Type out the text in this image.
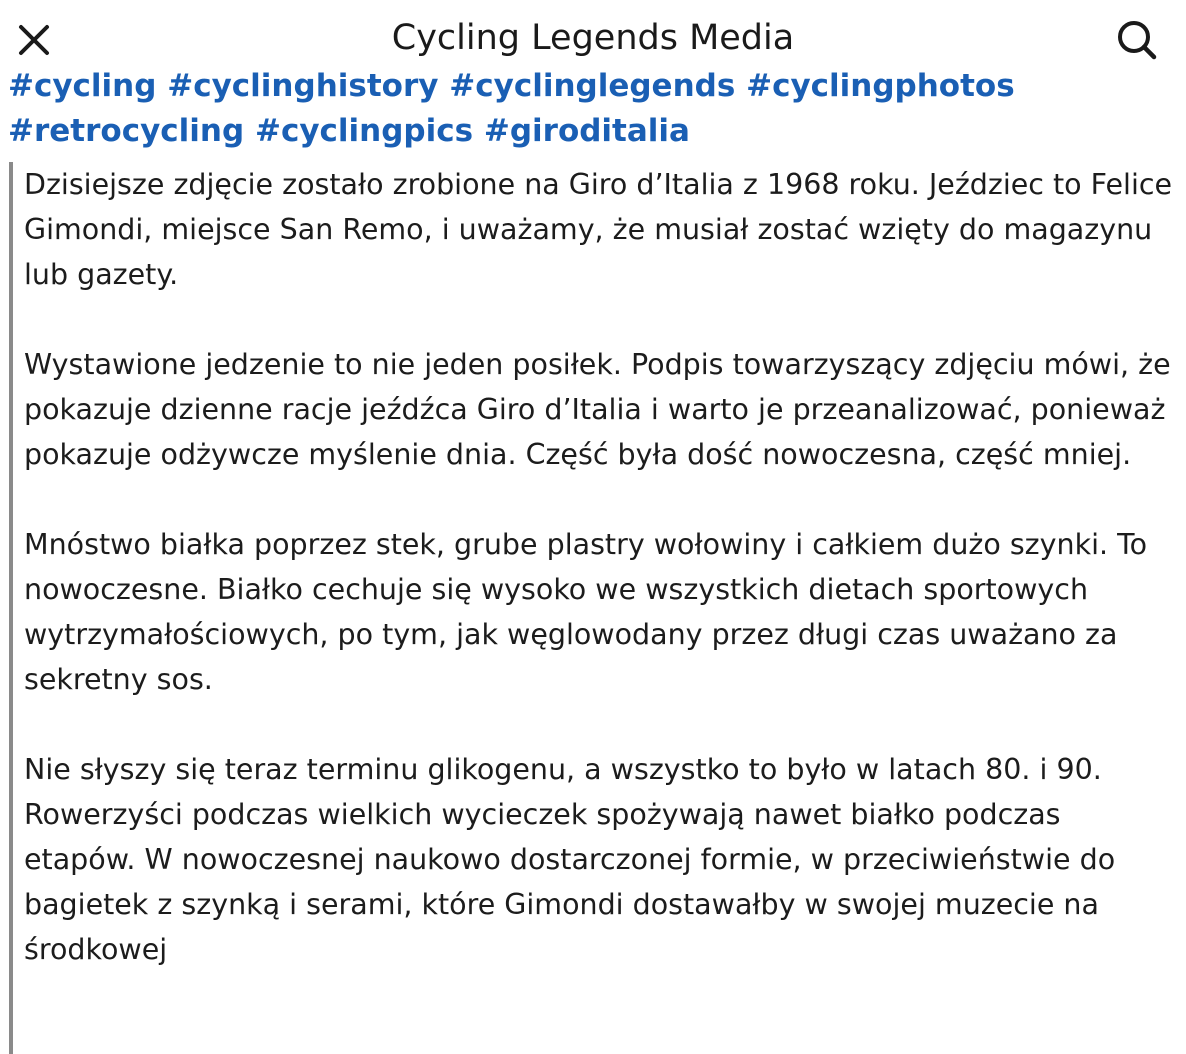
Cycling Legends Media
#cycling #cyclinghistory #cyclinglegends #cyclingphotos #retrocycling #cyclingpics #giroditalia

Dzisiejsze zdjęcie zostało zrobione na Giro d’Italia z 1968 roku. Jeździec to Felice Gimondi, miejsce San Remo, i uważamy, że musiał zostać wzięty do magazynu lub gazety.

Wystawione jedzenie to nie jeden posiłek. Podpis towarzyszący zdjęciu mówi, że pokazuje dzienne racje jeźdźca Giro d’Italia i warto je przeanalizować, ponieważ pokazuje odżywcze myślenie dnia. Część była dość nowoczesna, część mniej.

Mnóstwo białka poprzez stek, grube plastry wołowiny i całkiem dużo szynki. To nowoczesne. Białko cechuje się wysoko we wszystkich dietach sportowych wytrzymałościowych, po tym, jak węglowodany przez długi czas uważano za sekretny sos.

Nie słyszy się teraz terminu glikogenu, a wszystko to było w latach 80. i 90. Rowerzyści podczas wielkich wycieczek spożywają nawet białko podczas etapów. W nowoczesnej naukowo dostarczonej formie, w przeciwieństwie do bagietek z szynką i serami, które Gimondi dostawałby w swojej muzecie na środkowej
